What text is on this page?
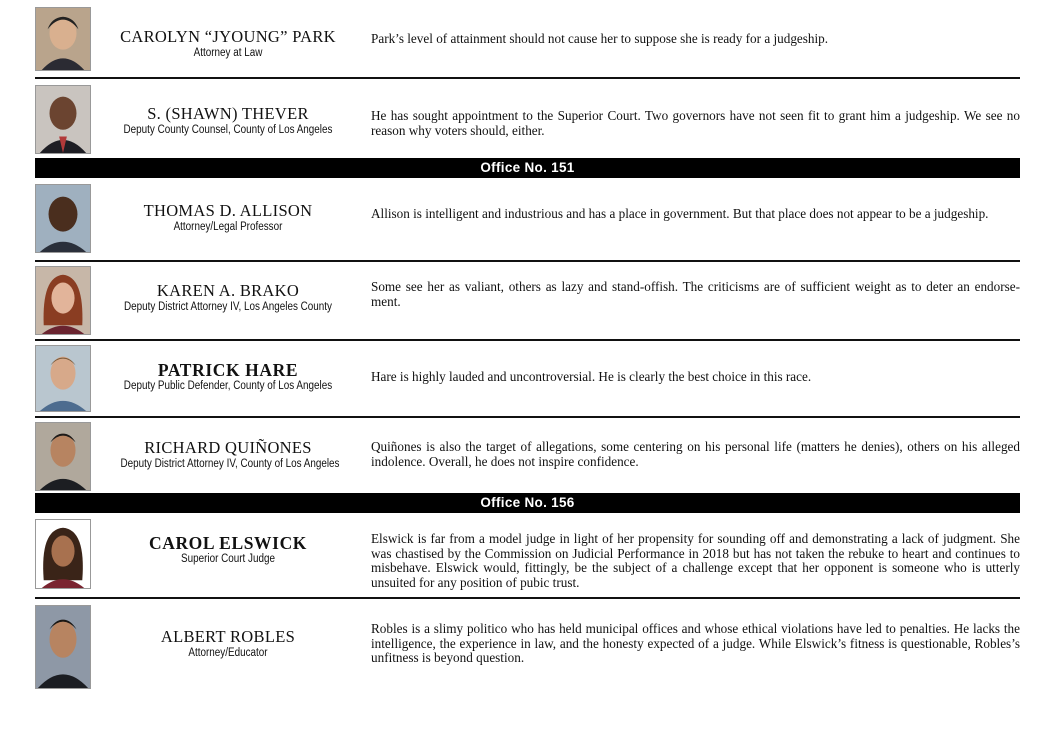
CAROLYN “JYOUNG” PARK
Attorney at Law
Park’s level of attainment should not cause her to suppose she is ready for a judgeship.
S. (SHAWN) THEVER
Deputy County Counsel, County of Los Angeles
He has sought appointment to the Superior Court. Two governors have not seen fit to grant him a judgeship. We see no reason why voters should, either.
Office No. 151
THOMAS D. ALLISON
Attorney/Legal Professor
Allison is intelligent and industrious and has a place in government. But that place does not appear to be a judgeship.
KAREN A. BRAKO
Deputy District Attorney IV, Los Angeles County
Some see her as valiant, others as lazy and stand-offish. The criticisms are of sufficient weight as to deter an endorse-ment.
PATRICK HARE
Deputy Public Defender, County of Los Angeles
Hare is highly lauded and uncontroversial. He is clearly the best choice in this race.
RICHARD QUIÑONES
Deputy District Attorney IV, County of Los Angeles
Quiñones is also the target of allegations, some centering on his personal life (matters he denies), others on his alleged indolence. Overall, he does not inspire confidence.
Office No. 156
CAROL ELSWICK
Superior Court Judge
Elswick is far from a model judge in light of her propensity for sounding off and demonstrating a lack of judgment. She was chastised by the Commission on Judicial Performance in 2018 but has not taken the rebuke to heart and continues to misbehave. Elswick would, fittingly, be the subject of a challenge except that her opponent is someone who is utterly unsuited for any position of pubic trust.
ALBERT ROBLES
Attorney/Educator
Robles is a slimy politico who has held municipal offices and whose ethical violations have led to penalties. He lacks the intelligence, the experience in law, and the honesty expected of a judge. While Elswick’s fitness is questionable, Robles’s unfitness is beyond question.
